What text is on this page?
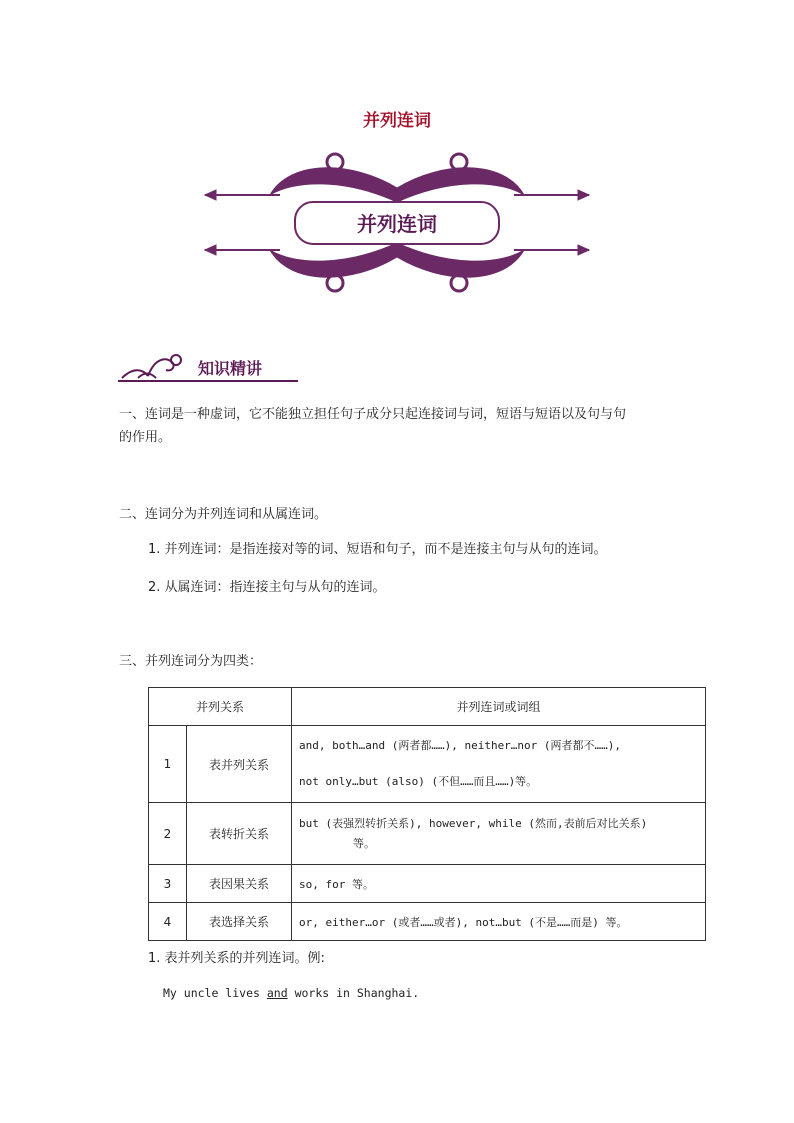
并列连词
并列连词
知识精讲
一、连词是一种虚词，它不能独立担任句子成分只起连接词与词，短语与短语以及句与句
的作用。
二、连词分为并列连词和从属连词。
1. 并列连词：是指连接对等的词、短语和句子，而不是连接主句与从句的连词。
2. 从属连词：指连接主句与从句的连词。
三、并列连词分为四类：
并列关系		并列连词或词组
1	表并列关系	and, both…and (两者都……), neither…nor (两者都不……),
not only…but (also) (不但……而且……)等。

2	表转折关系	but (表强烈转折关系), however, while (然而,表前后对比关系)
等。

3	表因果关系	so, for 等。
4	表选择关系	or, either…or (或者……或者), not…but (不是……而是) 等。
1. 表并列关系的并列连词。例:
My uncle lives and works in Shanghai.
